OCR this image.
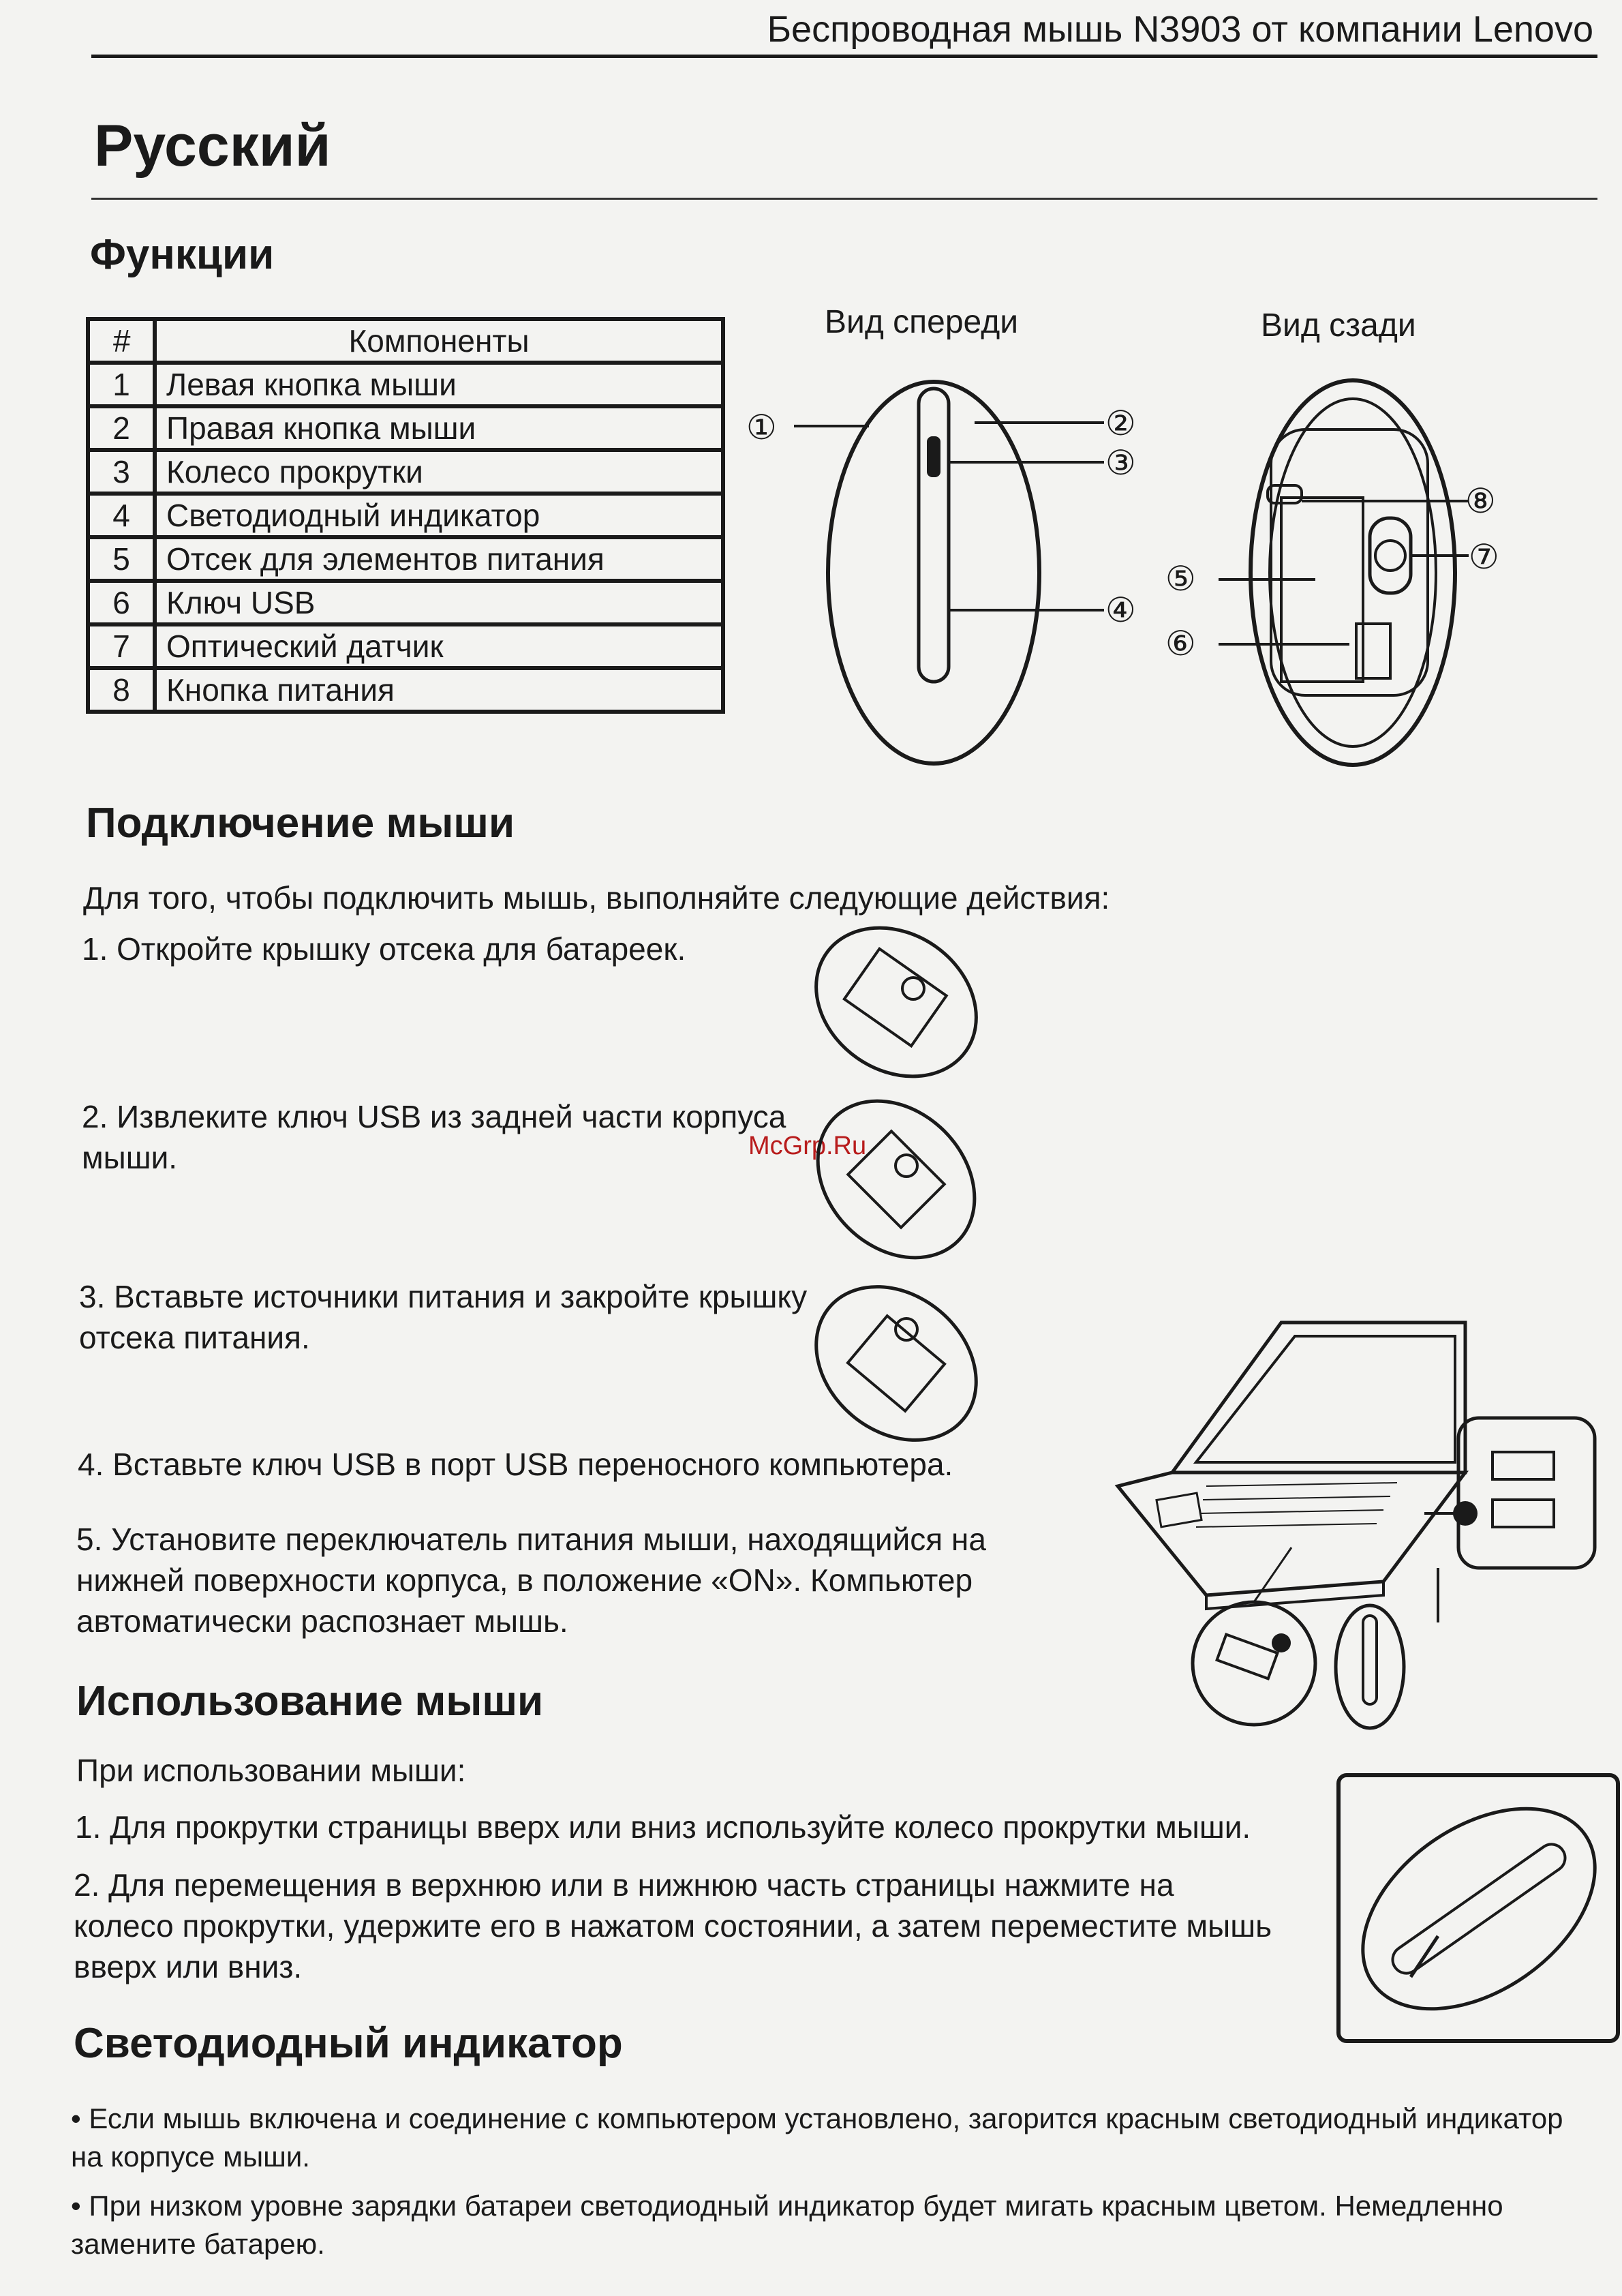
Беспроводная мышь N3903 от компании Lenovo
Русский
Функции
#	Компоненты
1	Левая кнопка мыши
2	Правая кнопка мыши
3	Колесо прокрутки
4	Светодиодный индикатор
5	Отсек для элементов питания
6	Ключ USB
7	Оптический датчик
8	Кнопка питания
Вид спереди	Вид сзади
①	②
③
④
⑧
⑦
⑤
⑥
Подключение мыши
Для того, чтобы подключить мышь, выполняйте следующие действия:
1. Откройте крышку отсека для батареек.
2. Извлеките ключ USB из задней части корпуса мыши.
3. Вставьте источники питания и закройте крышку отсека питания.
4. Вставьте ключ USB в порт USB переносного компьютера.
5. Установите переключатель питания мыши, находящийся на нижней поверхности корпуса, в положение «ON». Компьютер автоматически распознает мышь.
McGrp.Ru
Использование мыши
При использовании мыши:
1. Для прокрутки страницы вверх или вниз используйте колесо прокрутки мыши.
2. Для перемещения в верхнюю или в нижнюю часть страницы нажмите на колесо прокрутки, удержите его в нажатом состоянии, а затем переместите мышь вверх или вниз.
Светодиодный индикатор
• Если мышь включена и соединение с компьютером установлено, загорится красным светодиодный индикатор на корпусе мыши.
• При низком уровне зарядки батареи светодиодный индикатор будет мигать красным цветом. Немедленно замените батарею.
